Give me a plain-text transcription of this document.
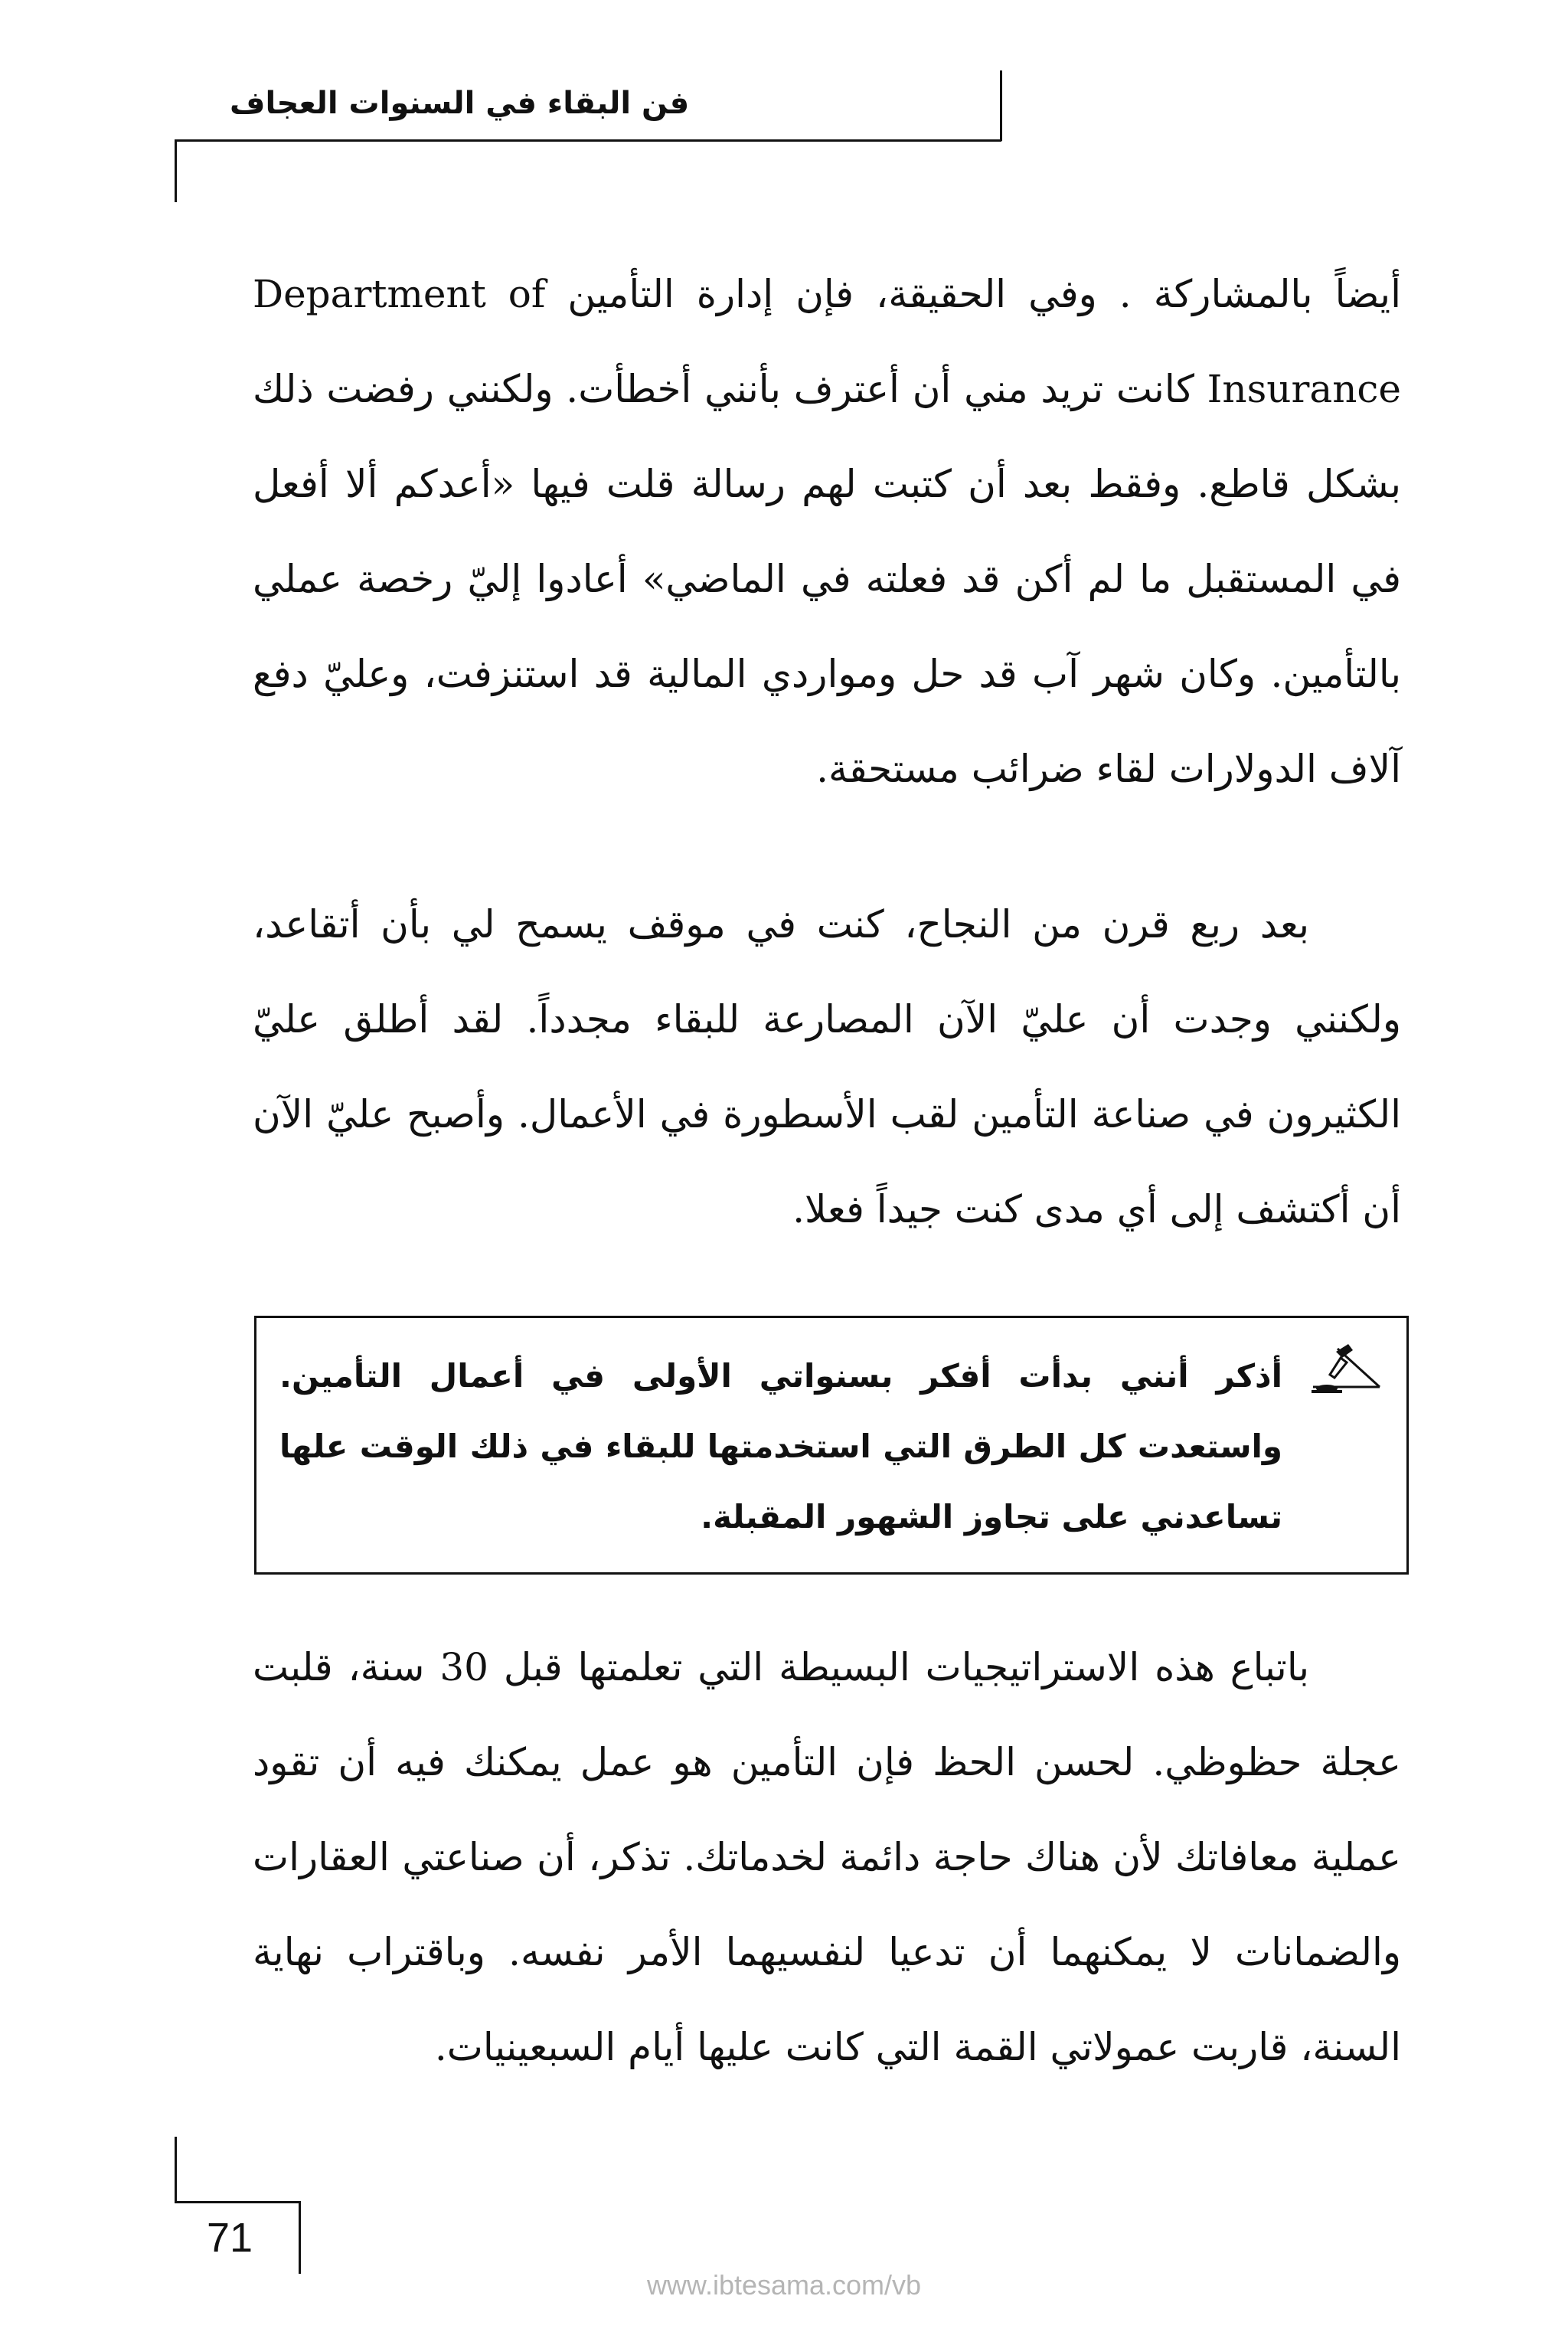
فن البقاء في السنوات العجاف

أيضاً بالمشاركة . وفي الحقيقة، فإن إدارة التأمين Department of Insurance كانت تريد مني أن أعترف بأنني أخطأت. ولكنني رفضت ذلك بشكل قاطع. وفقط بعد أن كتبت لهم رسالة قلت فيها «أعدكم ألا أفعل في المستقبل ما لم أكن قد فعلته في الماضي» أعادوا إليّ رخصة عملي بالتأمين. وكان شهر آب قد حل ومواردي المالية قد استنزفت، وعليّ دفع آلاف الدولارات لقاء ضرائب مستحقة.

بعد ربع قرن من النجاح، كنت في موقف يسمح لي بأن أتقاعد، ولكنني وجدت أن عليّ الآن المصارعة للبقاء مجدداً. لقد أطلق عليّ الكثيرون في صناعة التأمين لقب الأسطورة في الأعمال. وأصبح عليّ الآن أن أكتشف إلى أي مدى كنت جيداً فعلا.

أذكر أنني بدأت أفكر بسنواتي الأولى في أعمال التأمين. واستعدت كل الطرق التي استخدمتها للبقاء في ذلك الوقت علها تساعدني على تجاوز الشهور المقبلة.

باتباع هذه الاستراتيجيات البسيطة التي تعلمتها قبل 30 سنة، قلبت عجلة حظوظي. لحسن الحظ فإن التأمين هو عمل يمكنك فيه أن تقود عملية معافاتك لأن هناك حاجة دائمة لخدماتك. تذكر، أن صناعتي العقارات والضمانات لا يمكنهما أن تدعيا لنفسيهما الأمر نفسه. وباقتراب نهاية السنة، قاربت عمولاتي القمة التي كانت عليها أيام السبعينيات.

71
www.ibtesama.com/vb
